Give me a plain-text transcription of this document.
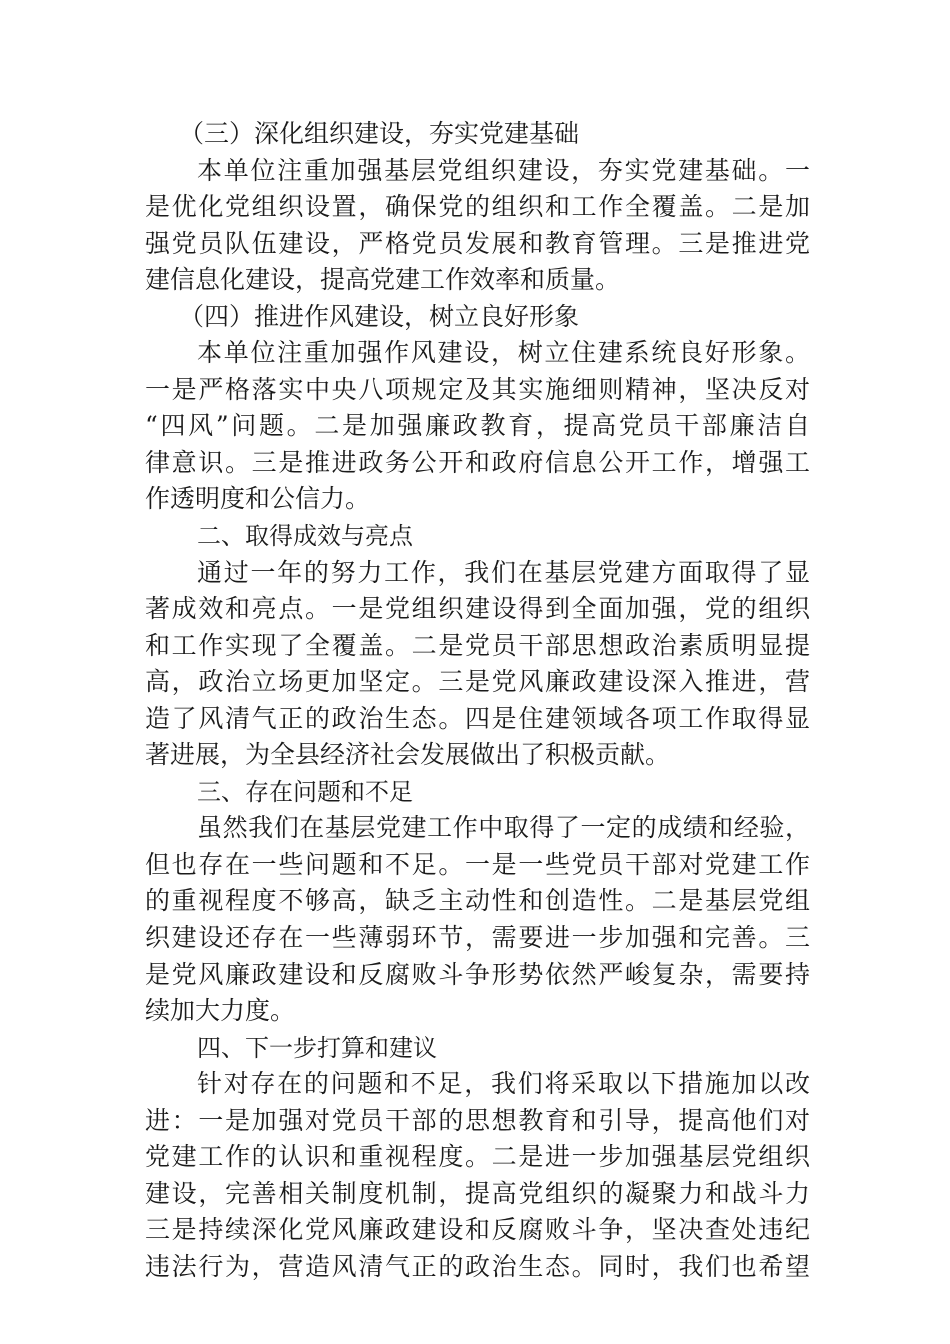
（三）深化组织建设，夯实党建基础
本单位注重加强基层党组织建设，夯实党建基础。一
是优化党组织设置，确保党的组织和工作全覆盖。二是加
强党员队伍建设，严格党员发展和教育管理。三是推进党
建信息化建设，提高党建工作效率和质量。
（四）推进作风建设，树立良好形象
本单位注重加强作风建设，树立住建系统良好形象。
一是严格落实中央八项规定及其实施细则精神，坚决反对
“四风”问题。二是加强廉政教育，提高党员干部廉洁自
律意识。三是推进政务公开和政府信息公开工作，增强工
作透明度和公信力。
二、取得成效与亮点
通过一年的努力工作，我们在基层党建方面取得了显
著成效和亮点。一是党组织建设得到全面加强，党的组织
和工作实现了全覆盖。二是党员干部思想政治素质明显提
高，政治立场更加坚定。三是党风廉政建设深入推进，营
造了风清气正的政治生态。四是住建领域各项工作取得显
著进展，为全县经济社会发展做出了积极贡献。
三、存在问题和不足
虽然我们在基层党建工作中取得了一定的成绩和经验，
但也存在一些问题和不足。一是一些党员干部对党建工作
的重视程度不够高，缺乏主动性和创造性。二是基层党组
织建设还存在一些薄弱环节，需要进一步加强和完善。三
是党风廉政建设和反腐败斗争形势依然严峻复杂，需要持
续加大力度。
四、下一步打算和建议
针对存在的问题和不足，我们将采取以下措施加以改
进：一是加强对党员干部的思想教育和引导，提高他们对
党建工作的认识和重视程度。二是进一步加强基层党组织
建设，完善相关制度机制，提高党组织的凝聚力和战斗力
三是持续深化党风廉政建设和反腐败斗争，坚决查处违纪
违法行为，营造风清气正的政治生态。同时，我们也希望
